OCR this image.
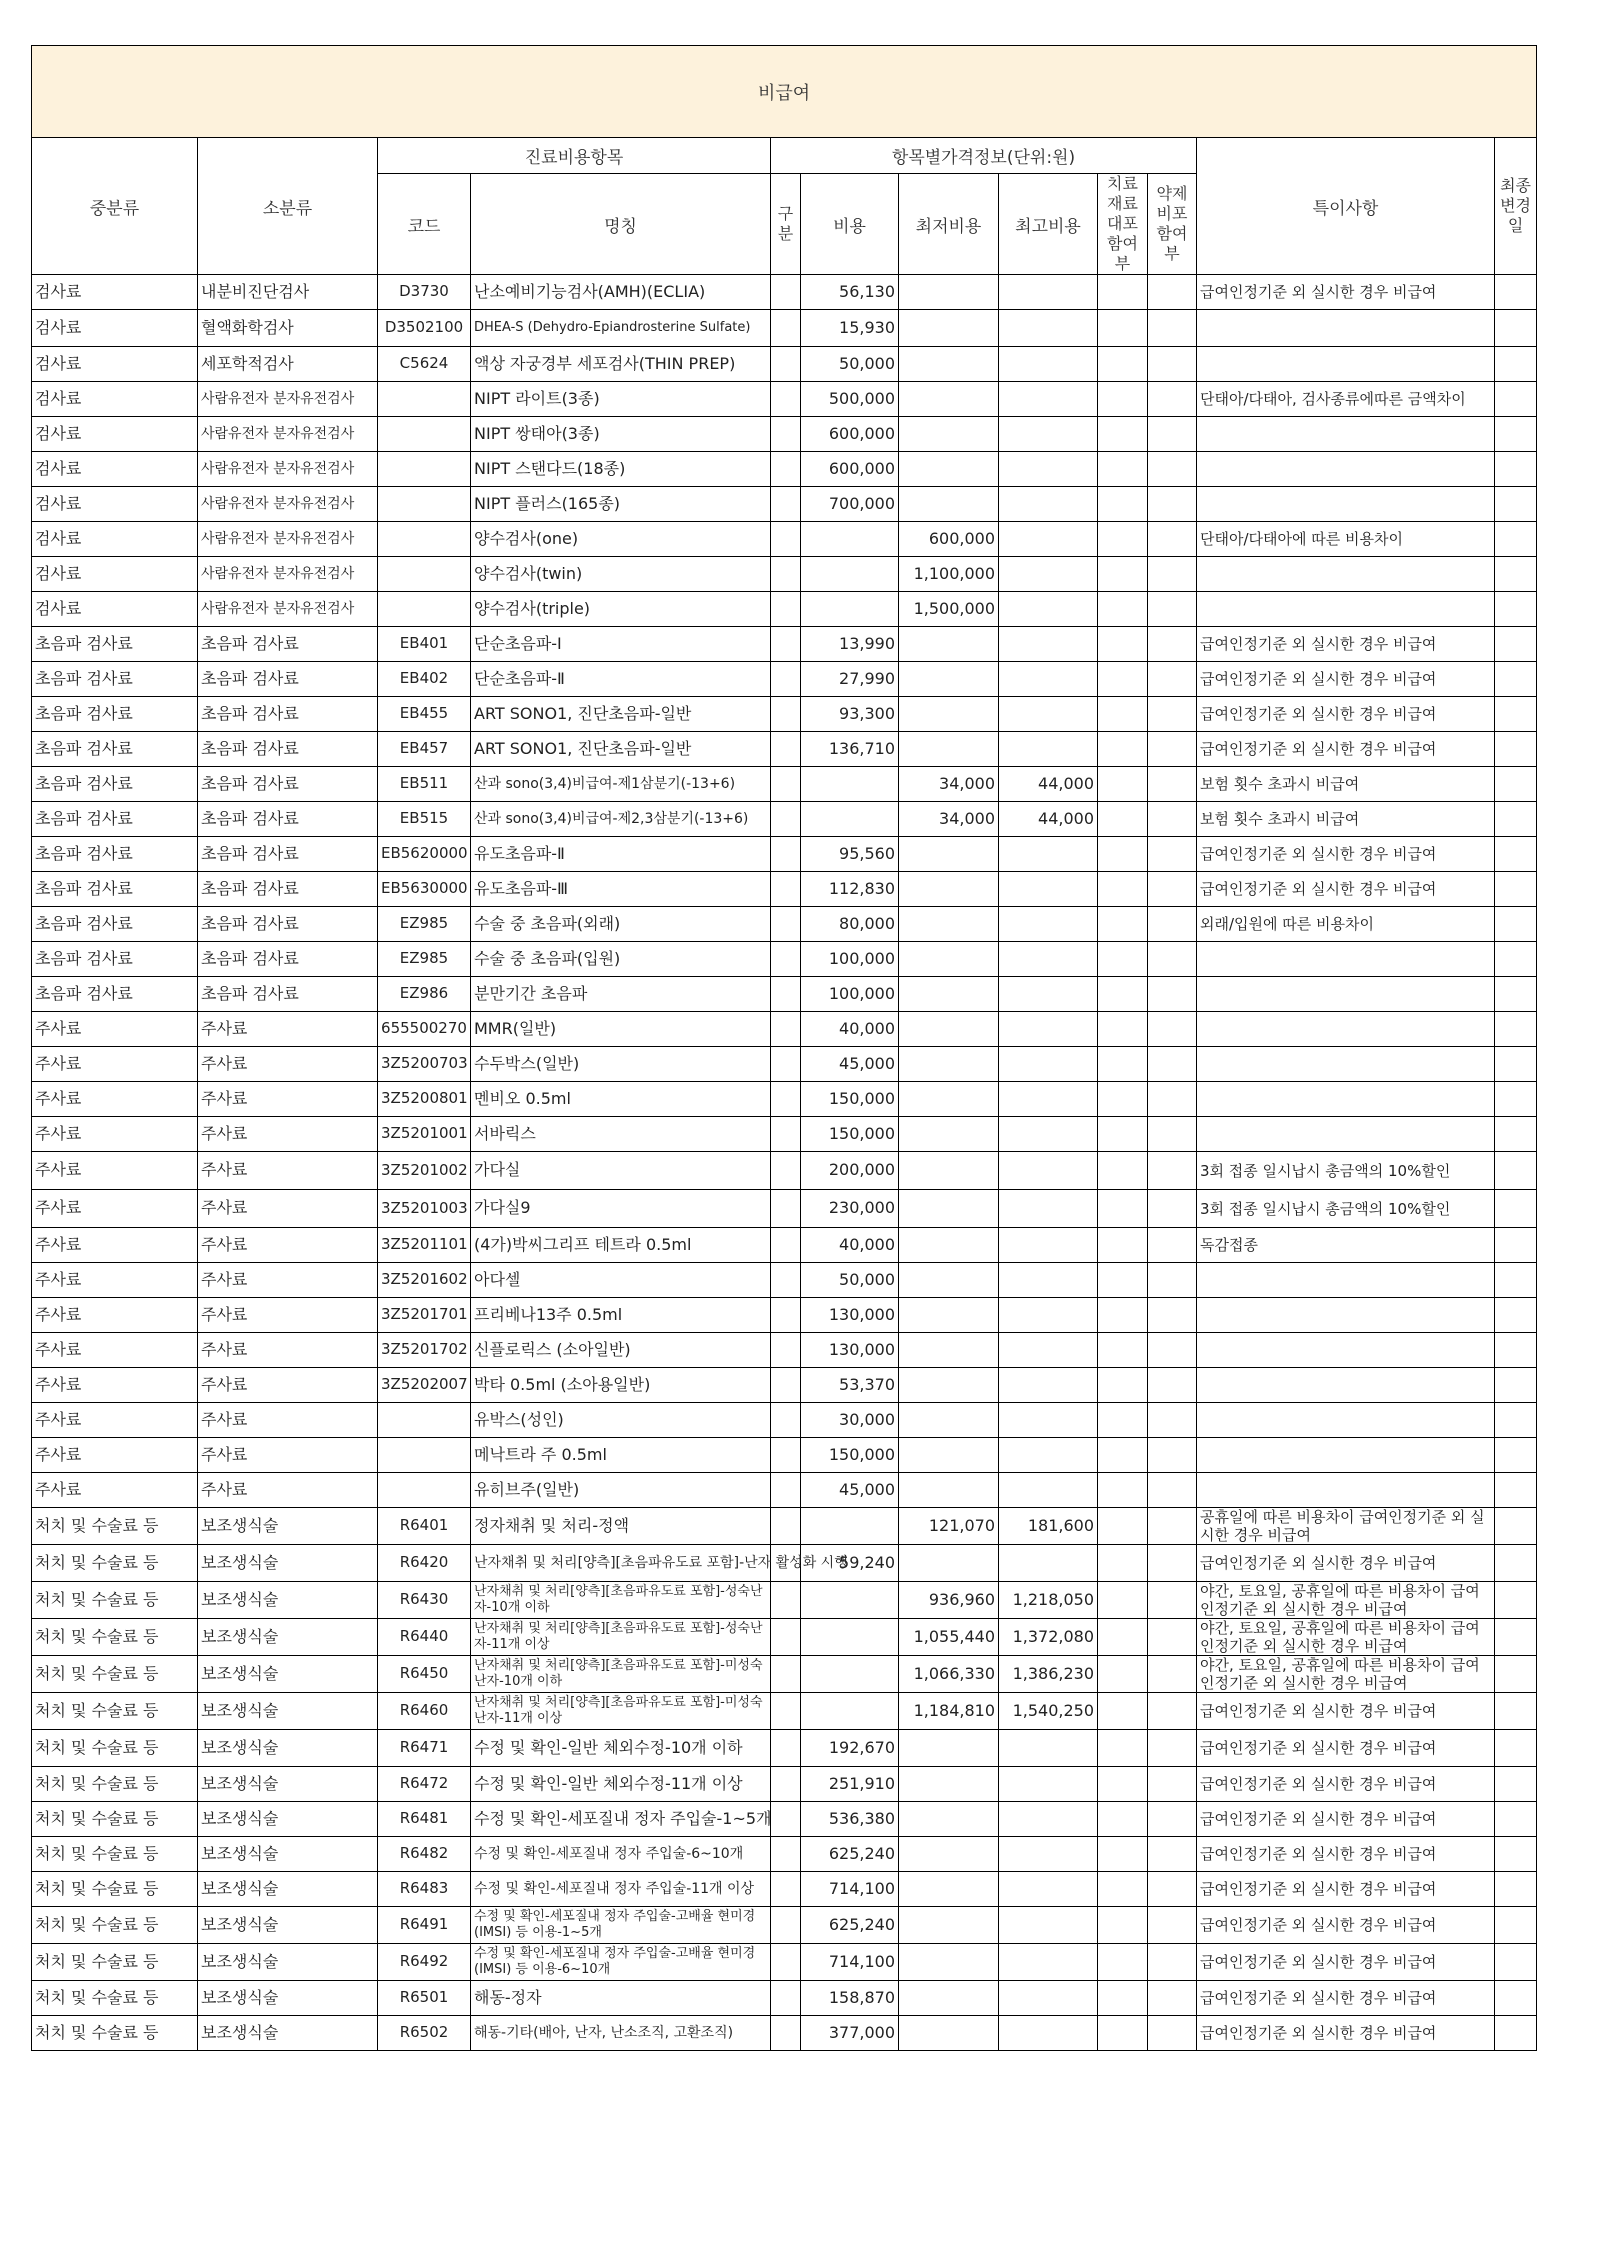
비급여											
중분류	소분류	진료비용항목		항목별가격정보(단위:원)						특이사항	최종변경일
		코드	명칭	구분	비용	최저비용	최고비용	치료재료대포함여부	약제비포함여부		
검사료	내분비진단검사	D3730	난소예비기능검사(AMH)(ECLIA)		56,130					급여인정기준 외 실시한 경우 비급여	
검사료	혈액화학검사	D3502100	DHEA-S (Dehydro-Epiandrosterine Sulfate)		15,930						
검사료	세포학적검사	C5624	액상 자궁경부 세포검사(THIN PREP)		50,000						
검사료	사람유전자 분자유전검사		NIPT 라이트(3종)		500,000					단태아/다태아, 검사종류에따른 금액차이	
검사료	사람유전자 분자유전검사		NIPT 쌍태아(3종)		600,000						
검사료	사람유전자 분자유전검사		NIPT 스탠다드(18종)		600,000						
검사료	사람유전자 분자유전검사		NIPT 플러스(165종)		700,000						
검사료	사람유전자 분자유전검사		양수검사(one)			600,000				단태아/다태아에 따른 비용차이	
검사료	사람유전자 분자유전검사		양수검사(twin)			1,100,000					
검사료	사람유전자 분자유전검사		양수검사(triple)			1,500,000					
초음파 검사료	초음파 검사료	EB401	단순초음파-Ⅰ		13,990					급여인정기준 외 실시한 경우 비급여	
초음파 검사료	초음파 검사료	EB402	단순초음파-Ⅱ		27,990					급여인정기준 외 실시한 경우 비급여	
초음파 검사료	초음파 검사료	EB455	ART SONO1, 진단초음파-일반		93,300					급여인정기준 외 실시한 경우 비급여	
초음파 검사료	초음파 검사료	EB457	ART SONO1, 진단초음파-일반		136,710					급여인정기준 외 실시한 경우 비급여	
초음파 검사료	초음파 검사료	EB511	산과 sono(3,4)비급여-제1삼분기(-13+6)			34,000	44,000			보험 횟수 초과시 비급여	
초음파 검사료	초음파 검사료	EB515	산과 sono(3,4)비급여-제2,3삼분기(-13+6)			34,000	44,000			보험 횟수 초과시 비급여	
초음파 검사료	초음파 검사료	EB5620000	유도초음파-Ⅱ		95,560					급여인정기준 외 실시한 경우 비급여	
초음파 검사료	초음파 검사료	EB5630000	유도초음파-Ⅲ		112,830					급여인정기준 외 실시한 경우 비급여	
초음파 검사료	초음파 검사료	EZ985	수술 중 초음파(외래)		80,000					외래/입원에 따른 비용차이	
초음파 검사료	초음파 검사료	EZ985	수술 중 초음파(입원)		100,000						
초음파 검사료	초음파 검사료	EZ986	분만기간 초음파		100,000						
주사료	주사료	655500270	MMR(일반)		40,000						
주사료	주사료	3Z5200703	수두박스(일반)		45,000						
주사료	주사료	3Z5200801	멘비오 0.5ml		150,000						
주사료	주사료	3Z5201001	서바릭스		150,000						
주사료	주사료	3Z5201002	가다실		200,000					3회 접종 일시납시 총금액의 10%할인	
주사료	주사료	3Z5201003	가다실9		230,000					3회 접종 일시납시 총금액의 10%할인	
주사료	주사료	3Z5201101	(4가)박씨그리프 테트라 0.5ml		40,000					독감접종	
주사료	주사료	3Z5201602	아다셀		50,000						
주사료	주사료	3Z5201701	프리베나13주 0.5ml		130,000						
주사료	주사료	3Z5201702	신플로릭스 (소아일반)		130,000						
주사료	주사료	3Z5202007	박타 0.5ml (소아용일반)		53,370						
주사료	주사료		유박스(성인)		30,000						
주사료	주사료		메낙트라 주 0.5ml		150,000						
주사료	주사료		유히브주(일반)		45,000						
처치 및 수술료 등	보조생식술	R6401	정자채취 및 처리-정액			121,070	181,600			공휴일에 따른 비용차이 급여인정기준 외 실시한 경우 비급여	
처치 및 수술료 등	보조생식술	R6420	난자채취 및 처리[양측][초음파유도료 포함]-난자 활성화 시행		59,240					급여인정기준 외 실시한 경우 비급여	
처치 및 수술료 등	보조생식술	R6430	난자채취 및 처리[양측][초음파유도료 포함]-성숙난자-10개 이하			936,960	1,218,050			야간, 토요일, 공휴일에 따른 비용차이 급여인정기준 외 실시한 경우 비급여	
처치 및 수술료 등	보조생식술	R6440	난자채취 및 처리[양측][초음파유도료 포함]-성숙난자-11개 이상			1,055,440	1,372,080			야간, 토요일, 공휴일에 따른 비용차이 급여인정기준 외 실시한 경우 비급여	
처치 및 수술료 등	보조생식술	R6450	난자채취 및 처리[양측][초음파유도료 포함]-미성숙난자-10개 이하			1,066,330	1,386,230			야간, 토요일, 공휴일에 따른 비용차이 급여인정기준 외 실시한 경우 비급여	
처치 및 수술료 등	보조생식술	R6460	난자채취 및 처리[양측][초음파유도료 포함]-미성숙난자-11개 이상			1,184,810	1,540,250			급여인정기준 외 실시한 경우 비급여	
처치 및 수술료 등	보조생식술	R6471	수정 및 확인-일반 체외수정-10개 이하		192,670					급여인정기준 외 실시한 경우 비급여	
처치 및 수술료 등	보조생식술	R6472	수정 및 확인-일반 체외수정-11개 이상		251,910					급여인정기준 외 실시한 경우 비급여	
처치 및 수술료 등	보조생식술	R6481	수정 및 확인-세포질내 정자 주입술-1~5개		536,380					급여인정기준 외 실시한 경우 비급여	
처치 및 수술료 등	보조생식술	R6482	수정 및 확인-세포질내 정자 주입술-6~10개		625,240					급여인정기준 외 실시한 경우 비급여	
처치 및 수술료 등	보조생식술	R6483	수정 및 확인-세포질내 정자 주입술-11개 이상		714,100					급여인정기준 외 실시한 경우 비급여	
처치 및 수술료 등	보조생식술	R6491	수정 및 확인-세포질내 정자 주입술-고배율 현미경(IMSI) 등 이용-1~5개		625,240					급여인정기준 외 실시한 경우 비급여	
처치 및 수술료 등	보조생식술	R6492	수정 및 확인-세포질내 정자 주입술-고배율 현미경(IMSI) 등 이용-6~10개		714,100					급여인정기준 외 실시한 경우 비급여	
처치 및 수술료 등	보조생식술	R6501	해동-정자		158,870					급여인정기준 외 실시한 경우 비급여	
처치 및 수술료 등	보조생식술	R6502	해동-기타(배아, 난자, 난소조직, 고환조직)		377,000					급여인정기준 외 실시한 경우 비급여	
